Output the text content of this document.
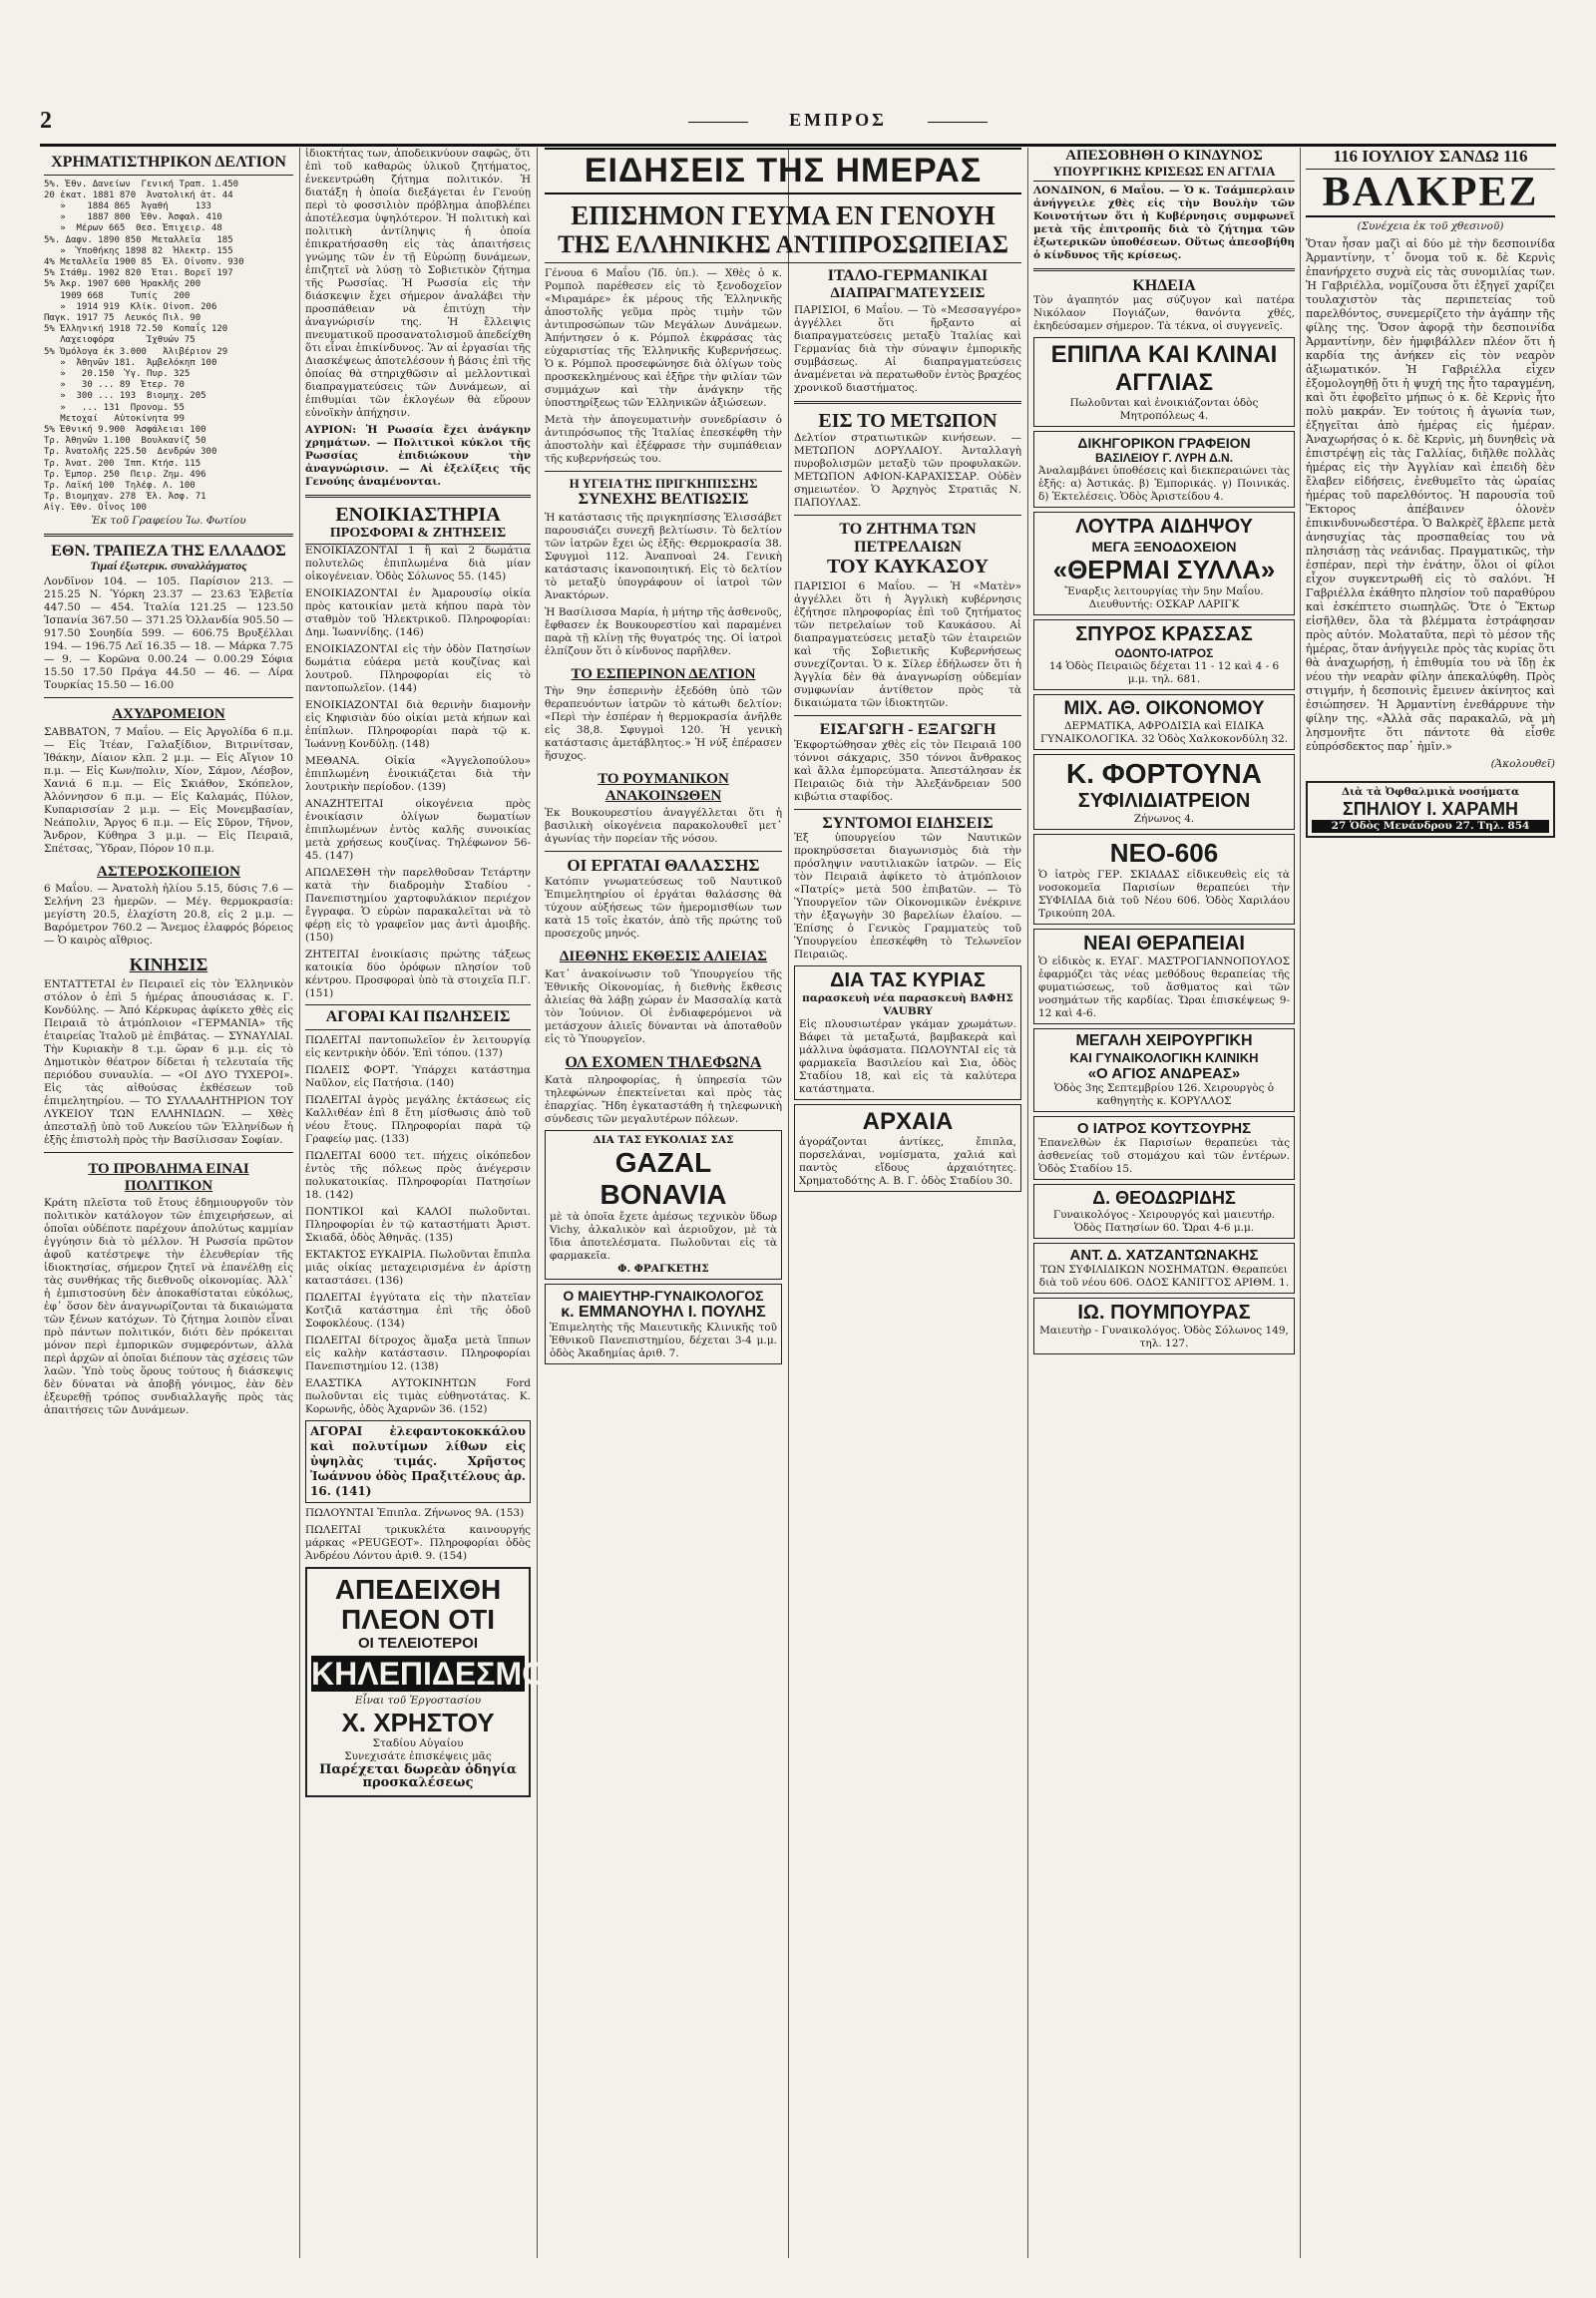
2	ΕΜΠΡΟΣ
ΧΡΗΜΑΤΙΣΤΗΡΙΚΟΝ ΔΕΛΤΙΟΝ
5%. Ἐθν. Δανείων  Γενική Τραπ. 1.450
20 ἑκατ. 1881 870  Ἀνατολική ἀτ. 44
»    1884 865  Ἀγαθή     133
»    1887 800  Ἐθν. Ἀσφαλ. 410
»  Μέρων 665  Θεσ. Ἐπιχειρ. 48
5%. Δαφν. 1890 850  Μεταλλεῖα   185
»  Ὑποθήκης 1898 82  Ἠλεκτρ. 155
4% Μεταλλεῖα 1900 85  Ἐλ. Οἰνοπν. 930
5% Στάθμ. 1902 820  Ἐται. Βορεῖ 197
5% Ἀκρ. 1907 600  Ἠρακλῆς 200
1909 668     Τυπίς   200
»  1914 919  Κλίκ. Οἰνοπ. 206
Παγκ. 1917 75  Λευκός Πιλ. 90
5% Ἑλληνική 1918 72.50  Κοπαΐς 120
Λαχειοφόρα      Ἰχθυών 75
5% Ὁμόλογα ἐκ 3.000   Ἀλιβέριον 29
»  Ἀθηνῶν 181.  Ἀμβελόκηπ 100
»   20.150  Ὑγ. Πυρ. 325
»   30 ... 89  Ἐτερ. 70
»  300 ... 193  Βιομηχ. 205
»   ... 131  Προνομ. 55
Μετοχαί   Αὐτοκίνητα 99
5% Ἐθνική 9.900  Ἀσφάλειαι 100
Τρ. Ἀθηνῶν 1.100  Βουλκανίζ 50
Τρ. Ἀνατολῆς 225.50  Δενδρών 300
Τρ. Ἀνατ. 200  Ἱππ. Κτήσ. 115
Τρ. Ἐμπορ. 250  Πειρ. Ζημ. 496
Τρ. Λαϊκή 100  Τηλέφ. Λ. 100
Τρ. Βιομηχαν. 278  Ἐλ. Ἀσφ. 71
Αἰγ. Ἐθν. Οἶνος 100
Ἐκ τοῦ Γραφείου Ἰω. Φωτίου
ΕΘΝ. ΤΡΑΠΕΖΑ ΤΗΣ ΕΛΛΑΔΟΣ
Τιμαί ἐξωτερικ. συναλλάγματος

Λονδῖνον 104. — 105. Παρίσιον 213. — 215.25 Ν. Ὑόρκη 23.37 — 23.63 Ἐλβετία 447.50 — 454. Ἰταλία 121.25 — 123.50 Ἰσπανία 367.50 — 371.25 Ὁλλανδία 905.50 — 917.50 Σουηδία 599. — 606.75 Βρυξέλλαι 194. — 196.75 Λεϊ 16.35 — 18. — Μάρκα 7.75 — 9. — Κορῶνα 0.00.24 — 0.00.29 Σόφια 15.50 17.50 Πράγα 44.50 — 46. — Λίρα Τουρκίας 15.50 — 16.00

ΑΧΥΔΡΟΜΕΙΟΝ

ΣΑΒΒΑΤΟΝ, 7 Μαΐου. — Εἰς Ἀργολίδα 6 π.μ. — Εἰς Ἰτέαν, Γαλαξίδιον, Βιτρινίτσαν, Ἰθάκην, Δίαιον κλπ. 2 μ.μ. — Εἰς Αἴγιον 10 π.μ. — Εἰς Κων/πολιν, Χίον, Σάμον, Λέσβον, Χανιά 6 π.μ. — Εἰς Σκιάθον, Σκόπελον, Ἀλόννησον 6 π.μ. — Εἰς Καλαμάς, Πύλον, Κυπαρισσίαν 2 μ.μ. — Εἰς Μονεμβασίαν, Νεάπολιν, Ἄργος 6 π.μ. — Εἰς Σῦρον, Τῆνον, Ἄνδρον, Κύθηρα 3 μ.μ. — Εἰς Πειραιᾶ, Σπέτσας, Ὕδραν, Πόρον 10 π.μ.

ΑΣΤΕΡΟΣΚΟΠΕΙΟΝ

6 Μαΐου. — Ἀνατολὴ ἡλίου 5.15, δύσις 7.6 — Σελήνη 23 ἡμερῶν. — Μέγ. θερμοκρασία: μεγίστη 20.5, ἐλαχίστη 20.8, εἰς 2 μ.μ. — Βαρόμετρον 760.2 — Ἄνεμος ἐλαφρός βόρειος — Ὁ καιρὸς αἴθριος.

ΚΙΝΗΣΙΣ

ΕΝΤΑΤΤΕΤΑΙ ἐν Πειραιεῖ εἰς τὸν Ἑλληνικὸν στόλον ὁ ἐπὶ 5 ἡμέρας ἀπουσιάσας κ. Γ. Κονδύλης. — Ἀπό Κέρκυρας ἀφίκετο χθὲς εἰς Πειραιᾶ τὸ ἀτμόπλοιον «ΓΕΡΜΑΝΙΑ» τῆς ἑταιρείας Ἰταλοῦ μὲ ἐπιβάτας. — ΣΥΝΑΥΛΙΑΙ. Τὴν Κυριακὴν 8 τ.μ. ὥραν 6 μ.μ. εἰς τὸ Δημοτικὸν θέατρον δίδεται ἡ τελευταία τῆς περιόδου συναυλία. — «ΟΙ ΔΥΟ ΤΥΧΕΡΟΙ». Εἰς τὰς αἰθούσας ἐκθέσεων τοῦ ἐπιμελητηρίου. — ΤΟ ΣΥΛΛΑΛΗΤΗΡΙΟΝ ΤΟΥ ΛΥΚΕΙΟΥ ΤΩΝ ΕΛΛΗΝΙΔΩΝ. — Χθὲς ἀπεσταλῇ ὑπὸ τοῦ Λυκείου τῶν Ἑλληνίδων ἡ ἑξῆς ἐπιστολὴ πρὸς τὴν Βασίλισσαν Σοφίαν.

ΤΟ ΠΡΟΒΛΗΜΑ ΕΙΝΑΙ ΠΟΛΙΤΙΚΟΝ

Κράτη πλεῖστα τοῦ ἔτους ἐδημιουργοῦν τὸν πολιτικὸν κατάλογον τῶν ἐπιχειρήσεων, αἱ ὁποῖαι οὐδέποτε παρέχουν ἀπολύτως καμμίαν ἐγγύησιν διὰ τὸ μέλλον. Ἡ Ρωσσία πρῶτον ἀφοῦ κατέστρεψε τὴν ἐλευθερίαν τῆς ἰδιοκτησίας, σήμερον ζητεῖ νὰ ἐπανέλθῃ εἰς τὰς συνθήκας τῆς διεθνοῦς οἰκονομίας. Ἀλλ᾿ ἡ ἐμπιστοσύνη δὲν ἀποκαθίσταται εὐκόλως, ἐφ᾿ ὅσον δὲν ἀναγνωρίζονται τὰ δικαιώματα τῶν ξένων κατόχων. Τὸ ζήτημα λοιπὸν εἶναι πρὸ πάντων πολιτικόν, διότι δὲν πρόκειται μόνον περὶ ἐμπορικῶν συμφερόντων, ἀλλὰ περὶ ἀρχῶν αἱ ὁποῖαι διέπουν τὰς σχέσεις τῶν λαῶν. Ὑπὸ τοὺς ὅρους τούτους ἡ διάσκεψις δὲν δύναται νὰ ἀποβῇ γόνιμος, ἐὰν δὲν ἐξευρεθῇ τρόπος συνδιαλλαγῆς πρὸς τὰς ἀπαιτήσεις τῶν Δυνάμεων.

ἰδιοκτήτας των, ἀποδεικνύουν σαφῶς, ὅτι ἐπὶ τοῦ καθαρῶς ὑλικοῦ ζητήματος, ἐνεκεντρώθη ζήτημα πολιτικόν. Ἡ διατάξη ἡ ὁποία διεξάγεται ἐν Γενούῃ περὶ τὸ φοσσιλιὸν πρόβλημα ἀποβλέπει ἀποτέλεσμα ὑψηλότερον. Ἡ πολιτικὴ καὶ πολιτικὴ ἀντίληψις ἡ ὁποία ἐπικρατήσασθη εἰς τὰς ἀπαιτήσεις γνώμης τῶν ἐν τῇ Εὐρώπῃ δυνάμεων, ἐπιζητεῖ νὰ λύσῃ τὸ Σοβιετικὸν ζήτημα τῆς Ρωσσίας. Ἡ Ρωσσία εἰς τὴν διάσκεψιν ἔχει σήμερον ἀναλάβει τὴν προσπάθειαν νὰ ἐπιτύχῃ τὴν ἀναγνώρισίν της. Ἡ ἔλλειψις πνευματικοῦ προσανατολισμοῦ ἀπεδείχθη ὅτι εἶναι ἐπικίνδυνος. Ἂν αἱ ἐργασίαι τῆς Διασκέψεως ἀποτελέσουν ἡ βάσις ἐπὶ τῆς ὁποίας θὰ στηριχθῶσιν αἱ μελλοντικαὶ διαπραγματεύσεις τῶν Δυνάμεων, αἱ ἐπιθυμίαι τῶν ἐκλογέων θὰ εὕρουν εὐνοϊκὴν ἀπήχησιν.

ΑΥΡΙΟΝ: Ἡ Ρωσσία ἔχει ἀνάγκην χρημάτων. — Πολιτικοὶ κύκλοι τῆς Ρωσσίας ἐπιδιώκουν τὴν ἀναγνώρισιν. — Αἱ ἐξελίξεις τῆς Γενούης ἀναμένονται.

ΕΝΟΙΚΙΑΣΤΗΡΙΑ
ΠΡΟΣΦΟΡΑΙ & ΖΗΤΗΣΕΙΣ

ΕΝΟΙΚΙΑΖΟΝΤΑΙ 1 ἢ καὶ 2 δωμάτια πολυτελῶς ἐπιπλωμένα διὰ μίαν οἰκογένειαν. Ὁδὸς Σόλωνος 55. (145)

ΕΝΟΙΚΙΑΖΟΝΤΑΙ ἐν Ἀμαρουσίῳ οἰκία πρὸς κατοικίαν μετὰ κήπου παρὰ τὸν σταθμὸν τοῦ Ἡλεκτρικοῦ. Πληροφορίαι: Δημ. Ἰωαννίδης. (146)

ΕΝΟΙΚΙΑΖΟΝΤΑΙ εἰς τὴν ὁδὸν Πατησίων δωμάτια εὐάερα μετὰ κουζίνας καὶ λουτροῦ. Πληροφορίαι εἰς τὸ παντοπωλεῖον. (144)

ΕΝΟΙΚΙΑΖΟΝΤΑΙ διὰ θερινὴν διαμονὴν εἰς Κηφισιὰν δύο οἰκίαι μετὰ κήπων καὶ ἐπίπλων. Πληροφορίαι παρὰ τῷ κ. Ἰωάννῃ Κονδύλῃ. (148)

ΜΕΘΑΝΑ. Οἰκία «Ἀγγελοπούλου» ἐπιπλωμένη ἐνοικιάζεται διὰ τὴν λουτρικὴν περίοδον. (139)

ΑΝΑΖΗΤΕΙΤΑΙ οἰκογένεια πρὸς ἐνοικίασιν ὀλίγων δωματίων ἐπιπλωμένων ἐντὸς καλῆς συνοικίας μετὰ χρήσεως κουζίνας. Τηλέφωνον 56-45. (147)

ΑΠΩΛΕΣΘΗ τὴν παρελθοῦσαν Τετάρτην κατὰ τὴν διαδρομὴν Σταδίου - Πανεπιστημίου χαρτοφυλάκιον περιέχον ἔγγραφα. Ὁ εὑρὼν παρακαλεῖται νὰ τὸ φέρῃ εἰς τὸ γραφεῖον μας ἀντὶ ἀμοιβῆς. (150)

ΖΗΤΕΙΤΑΙ ἐνοικίασις πρώτης τάξεως κατοικία δύο ὀρόφων πλησίον τοῦ κέντρου. Προσφοραὶ ὑπὸ τὰ στοιχεῖα Π.Γ. (151)

ΑΓΟΡΑΙ ΚΑΙ ΠΩΛΗΣΕΙΣ

ΠΩΛΕΙΤΑΙ παντοπωλεῖον ἐν λειτουργίᾳ εἰς κεντρικὴν ὁδόν. Ἐπὶ τόπου. (137)

ΠΩΛΕΙΣ ΦΟΡΤ. Ὑπάρχει κατάστημα Ναῦλον, εἰς Πατήσια. (140)

ΠΩΛΕΙΤΑΙ ἀγρὸς μεγάλης ἐκτάσεως εἰς Καλλιθέαν ἐπὶ 8 ἔτη μίσθωσις ἀπὸ τοῦ νέου ἔτους. Πληροφορίαι παρὰ τῷ Γραφείῳ μας. (133)

ΠΩΛΕΙΤΑΙ 6000 τετ. πήχεις οἰκόπεδον ἐντὸς τῆς πόλεως πρὸς ἀνέγερσιν πολυκατοικίας. Πληροφορίαι Πατησίων 18. (142)

ΠΟΝΤΙΚΟΙ καὶ ΚΑΛΟΙ πωλοῦνται. Πληροφορίαι ἐν τῷ καταστήματι Ἀριστ. Σκιαδᾶ, ὁδὸς Ἀθηνᾶς. (135)

ΕΚΤΑΚΤΟΣ ΕΥΚΑΙΡΙΑ. Πωλοῦνται ἔπιπλα μιᾶς οἰκίας μεταχειρισμένα ἐν ἀρίστῃ καταστάσει. (136)

ΠΩΛΕΙΤΑΙ ἐγγύτατα εἰς τὴν πλατεῖαν Κοτζιᾶ κατάστημα ἐπὶ τῆς ὁδοῦ Σοφοκλέους. (134)

ΠΩΛΕΙΤΑΙ δίτροχος ἅμαξα μετὰ ἵππων εἰς καλὴν κατάστασιν. Πληροφορίαι Πανεπιστημίου 12. (138)

ΕΛΑΣΤΙΚΑ ΑΥΤΟΚΙΝΗΤΩΝ Ford πωλοῦνται εἰς τιμὰς εὐθηνοτάτας. Κ. Κορωνῆς, ὁδὸς Ἀχαρνῶν 36. (152)

ΑΓΟΡΑΙ ἐλεφαντοκοκκάλου καὶ πολυτίμων λίθων εἰς ὑψηλὰς τιμάς. Χρῆστος Ἰωάννου ὁδὸς Πραξιτέλους ἀρ. 16. (141)

ΠΩΛΟΥΝΤΑΙ Ἐπιπλα. Ζήνωνος 9Α. (153)

ΠΩΛΕΙΤΑΙ τρικυκλέτα καινουργής μάρκας «PEUGEOT». Πληροφορίαι ὁδὸς Ἀνδρέου Λόντου ἀριθ. 9. (154)

ΑΠΕΔΕΙΧΘΗ
ΠΛΕΟΝ ΟΤΙ
ΟΙ ΤΕΛΕΙΟΤΕΡΟΙ
ΚΗΛΕΠΙΔΕΣΜΟΙ
Εἶναι τοῦ Ἐργοστασίου
Χ. ΧΡΗΣΤΟΥ
Σταδίου Αὐγαίου
Συνεχισάτε ἐπισκέψεις μᾶς
Παρέχεται δωρεὰν ὁδηγία
προσκαλέσεως
ΕΙΔΗΣΕΙΣ ΤΗΣ ΗΜΕΡΑΣ
ΕΠΙΣΗΜΟΝ ΓΕΥΜΑ ΕΝ ΓΕΝΟΥΗ
ΤΗΣ ΕΛΛΗΝΙΚΗΣ ΑΝΤΙΠΡΟΣΩΠΕΙΑΣ

Γένουα 6 Μαΐου (Ἰδ. ὑπ.). — Χθὲς ὁ κ. Ρομπολ παρέθεσεν εἰς τὸ ξενοδοχεῖον «Μιραμάρε» ἐκ μέρους τῆς Ἑλληνικῆς ἀποστολῆς γεῦμα πρὸς τιμὴν τῶν ἀντιπροσώπων τῶν Μεγάλων Δυνάμεων. Ἀπήντησεν ὁ κ. Ρόμπολ ἐκφράσας τὰς εὐχαριστίας τῆς Ἑλληνικῆς Κυβερνήσεως. Ὁ κ. Ρόμπολ προσεφώνησε διὰ ὀλίγων τοὺς προσκεκλημένους καὶ ἐξῆρε τὴν φιλίαν τῶν συμμάχων καὶ τὴν ἀνάγκην τῆς ὑποστηρίξεως τῶν Ἑλληνικῶν ἀξιώσεων.

Μετὰ τὴν ἀπογευματινὴν συνεδρίασιν ὁ ἀντιπρόσωπος τῆς Ἰταλίας ἐπεσκέφθη τὴν ἀποστολὴν καὶ ἐξέφρασε τὴν συμπάθειαν τῆς κυβερνήσεώς του.

Η ΥΓΕΙΑ ΤΗΣ ΠΡΙΓΚΗΠΙΣΣΗΣ
ΣΥΝΕΧΗΣ ΒΕΛΤΙΩΣΙΣ

Ἡ κατάστασις τῆς πριγκηπίσσης Ἐλισσάβετ παρουσιάζει συνεχῆ βελτίωσιν. Τὸ δελτίον τῶν ἰατρῶν ἔχει ὡς ἑξῆς: Θερμοκρασία 38. Σφυγμοὶ 112. Ἀναπνοαὶ 24. Γενικὴ κατάστασις ἱκανοποιητική. Εἰς τὸ δελτίον τὸ μεταξὺ ὑπογράφουν οἱ ἰατροὶ τῶν Ἀνακτόρων.

Ἡ Βασίλισσα Μαρία, ἡ μήτηρ τῆς ἀσθενοῦς, ἔφθασεν ἐκ Βουκουρεστίου καὶ παραμένει παρὰ τῇ κλίνῃ τῆς θυγατρός της. Οἱ ἰατροὶ ἐλπίζουν ὅτι ὁ κίνδυνος παρῆλθεν.

ΤΟ ΕΣΠΕΡΙΝΟΝ ΔΕΛΤΙΟΝ

Τὴν 9ην ἑσπερινὴν ἐξεδόθη ὑπὸ τῶν θεραπευόντων ἰατρῶν τὸ κάτωθι δελτίον: «Περὶ τὴν ἐσπέραν ἡ θερμοκρασία ἀνῆλθε εἰς 38,8. Σφυγμοὶ 120. Ἡ γενικὴ κατάστασις ἀμετάβλητος.» Ἡ νύξ ἐπέρασεν ἥσυχος.

ΤΟ ΡΟΥΜΑΝΙΚΟΝ ΑΝΑΚΟΙΝΩΘΕΝ

Ἐκ Βουκουρεστίου ἀναγγέλλεται ὅτι ἡ βασιλικὴ οἰκογένεια παρακολουθεῖ μετ᾿ ἀγωνίας τὴν πορείαν τῆς νόσου.

ΟΙ ΕΡΓΑΤΑΙ ΘΑΛΑΣΣΗΣ

Κατόπιν γνωματεύσεως τοῦ Ναυτικοῦ Ἐπιμελητηρίου οἱ ἐργάται θαλάσσης θὰ τύχουν αὐξήσεως τῶν ἡμερομισθίων των κατὰ 15 τοῖς ἑκατόν, ἀπὸ τῆς πρώτης τοῦ προσεχοῦς μηνός.

ΔΙΕΘΝΗΣ ΕΚΘΕΣΙΣ ΑΛΙΕΙΑΣ

Κατ᾿ ἀνακοίνωσιν τοῦ Ὑπουργείου τῆς Ἐθνικῆς Οἰκονομίας, ἡ διεθνὴς ἔκθεσις ἁλιείας θὰ λάβῃ χώραν ἐν Μασσαλίᾳ κατὰ τὸν Ἰούνιον. Οἱ ἐνδιαφερόμενοι νὰ μετάσχουν ἁλιεῖς δύνανται νὰ ἀποταθοῦν εἰς τὸ Ὑπουργεῖον.

ΟΛ ΕΧΟΜΕΝ ΤΗΛΕΦΩΝΑ

Κατὰ πληροφορίας, ἡ ὑπηρεσία τῶν τηλεφώνων ἐπεκτείνεται καὶ πρὸς τὰς ἐπαρχίας. Ἤδη ἐγκαταστάθη ἡ τηλεφωνικὴ σύνδεσις τῶν μεγαλυτέρων πόλεων.

ΔΙΑ ΤΑΣ ΕΥΚΟΛΙΑΣ ΣΑΣ
GAZAL BONAVIA

μὲ τὰ ὁποῖα ἔχετε ἀμέσως τεχνικὸν ὕδωρ Vichy, ἀλκαλικὸν καὶ ἀεριοῦχον, μὲ τὰ ἴδια ἀποτελέσματα. Πωλοῦνται εἰς τὰ φαρμακεῖα.

Φ. ΦΡΑΓΚΕΤΗΣ
Ο ΜΑΙΕΥΤΗΡ-ΓΥΝΑΙΚΟΛΟΓΟΣ
κ. ΕΜΜΑΝΟΥΗΛ Ι. ΠΟΥΛΗΣ

Ἐπιμελητὴς τῆς Μαιευτικῆς Κλινικῆς τοῦ Ἐθνικοῦ Πανεπιστημίου, δέχεται 3-4 μ.μ. ὁδὸς Ἀκαδημίας ἀριθ. 7.

ΙΤΑΛΟ-ΓΕΡΜΑΝΙΚΑΙ
ΔΙΑΠΡΑΓΜΑΤΕΥΣΕΙΣ

ΠΑΡΙΣΙΟΙ, 6 Μαΐου. — Τὸ «Μεσσαγγέρο» ἀγγέλλει ὅτι ἤρξαντο αἱ διαπραγματεύσεις μεταξὺ Ἰταλίας καὶ Γερμανίας διὰ τὴν σύναψιν ἐμπορικῆς συμβάσεως. Αἱ διαπραγματεύσεις ἀναμένεται νὰ περατωθοῦν ἐντὸς βραχέος χρονικοῦ διαστήματος.

ΕΙΣ ΤΟ ΜΕΤΩΠΟΝ

Δελτίον στρατιωτικῶν κινήσεων. — ΜΕΤΩΠΟΝ ΔΟΡΥΛΑΙΟΥ. Ἀνταλλαγὴ πυροβολισμῶν μεταξὺ τῶν προφυλακῶν. ΜΕΤΩΠΟΝ ΑΦΙΟΝ-ΚΑΡΑΧΙΣΣΑΡ. Οὐδὲν σημειωτέον. Ὁ Ἀρχηγὸς Στρατιᾶς Ν. ΠΑΠΟΥΛΑΣ.

ΤΟ ΖΗΤΗΜΑ ΤΩΝ ΠΕΤΡΕΛΑΙΩΝ
ΤΟΥ ΚΑΥΚΑΣΟΥ

ΠΑΡΙΣΙΟΙ 6 Μαΐου. — Ἡ «Ματὲν» ἀγγέλλει ὅτι ἡ Ἀγγλικὴ κυβέρνησις ἐζήτησε πληροφορίας ἐπὶ τοῦ ζητήματος τῶν πετρελαίων τοῦ Καυκάσου. Αἱ διαπραγματεύσεις μεταξὺ τῶν ἑταιρειῶν καὶ τῆς Σοβιετικῆς Κυβερνήσεως συνεχίζονται. Ὁ κ. Σίλερ ἐδήλωσεν ὅτι ἡ Ἀγγλία δὲν θὰ ἀναγνωρίσῃ οὐδεμίαν συμφωνίαν ἀντίθετον πρὸς τὰ δικαιώματα τῶν ἰδιοκτητῶν.

ΕΙΣΑΓΩΓΗ - ΕΞΑΓΩΓΗ

Ἐκφορτώθησαν χθὲς εἰς τὸν Πειραιᾶ 100 τόννοι σάκχαρις, 350 τόννοι ἄνθρακος καὶ ἄλλα ἐμπορεύματα. Ἀπεστάλησαν ἐκ Πειραιῶς διὰ τὴν Ἀλεξάνδρειαν 500 κιβώτια σταφίδος.

ΣΥΝΤΟΜΟΙ ΕΙΔΗΣΕΙΣ

Ἐξ ὑπουργείου τῶν Ναυτικῶν προκηρύσσεται διαγωνισμὸς διὰ τὴν πρόσληψιν ναυτιλιακῶν ἰατρῶν. — Εἰς τὸν Πειραιᾶ ἀφίκετο τὸ ἀτμόπλοιον «Πατρίς» μετὰ 500 ἐπιβατῶν. — Τὸ Ὑπουργεῖον τῶν Οἰκονομικῶν ἐνέκρινε τὴν ἐξαγωγὴν 30 βαρελίων ἐλαίου. — Ἐπίσης ὁ Γενικὸς Γραμματεὺς τοῦ Ὑπουργείου ἐπεσκέφθη τὸ Τελωνεῖον Πειραιῶς.

ΔΙΑ ΤΑΣ ΚΥΡΙΑΣ
παρασκευὴ νέα παρασκευὴ ΒΑΦΗΣ VAUBRY

Εἰς πλουσιωτέραν γκάμαν χρωμάτων. Βάφει τὰ μεταξωτά, βαμβακερὰ καὶ μάλλινα ὑφάσματα. ΠΩΛΟΥΝΤΑΙ εἰς τὰ φαρμακεῖα Βασιλείου καὶ Σια, ὁδὸς Σταδίου 18, καὶ εἰς τὰ καλύτερα κατάστηματα.

ΑΡΧΑΙΑ

ἀγοράζονται ἀντίκες, ἔπιπλα, πορσελάναι, νομίσματα, χαλιά καὶ παντὸς εἴδους ἀρχαιότητες. Χρηματοδότης Α. Β. Γ. ὁδὸς Σταδίου 30.

ΑΠΕΣΟΒΗΘΗ Ο ΚΙΝΔΥΝΟΣ
ΥΠΟΥΡΓΙΚΗΣ ΚΡΙΣΕΩΣ ΕΝ ΑΓΓΛΙΑ

ΛΟΝΔΙΝΟΝ, 6 Μαΐου. — Ὁ κ. Τσάμπερλαιν ἀνήγγειλε χθὲς εἰς τὴν Βουλὴν τῶν Κοινοτήτων ὅτι ἡ Κυβέρνησις συμφωνεῖ μετὰ τῆς ἐπιτροπῆς διὰ τὸ ζήτημα τῶν ἐξωτερικῶν ὑποθέσεων. Οὕτως ἀπεσοβήθη ὁ κίνδυνος τῆς κρίσεως.

ΚΗΔΕΙΑ

Τὸν ἀγαπητόν μας σύζυγον καὶ πατέρα Νικόλαον Πογιάζων, θανόντα χθές, ἐκηδεύσαμεν σήμερον. Τὰ τέκνα, οἱ συγγενεῖς.

ΕΠΙΠΛΑ ΚΑΙ ΚΛΙΝΑΙ
ΑΓΓΛΙΑΣ

Πωλοῦνται καὶ ἐνοικιάζονται ὁδὸς Μητροπόλεως 4.

ΔΙΚΗΓΟΡΙΚΟΝ ΓΡΑΦΕΙΟΝ
ΒΑΣΙΛΕΙΟΥ Γ. ΛΥΡΗ Δ.Ν.

Ἀναλαμβάνει ὑποθέσεις καὶ διεκπεραιώνει τὰς ἑξῆς: α) Ἀστικάς. β) Ἐμπορικάς. γ) Ποινικάς. δ) Ἐκτελέσεις. Ὁδὸς Ἀριστείδου 4.

ΛΟΥΤΡΑ ΑΙΔΗΨΟΥ
ΜΕΓΑ ΞΕΝΟΔΟΧΕΙΟΝ
«ΘΕΡΜΑΙ ΣΥΛΛΑ»

Ἔναρξις λειτουργίας τὴν 5ην Μαΐου. Διευθυντής: ΟΣΚΑΡ ΛΑΡΙΓΚ

ΣΠΥΡΟΣ ΚΡΑΣΣΑΣ
ΟΔΟΝΤΟ-ΙΑΤΡΟΣ

14 Ὁδὸς Πειραιῶς δέχεται 11 - 12 καὶ 4 - 6 μ.μ. τηλ. 681.

ΜΙΧ. ΑΘ. ΟΙΚΟΝΟΜΟΥ

ΔΕΡΜΑΤΙΚΑ, ΑΦΡΟΔΙΣΙΑ καὶ ΕΙΔΙΚΑ ΓΥΝΑΙΚΟΛΟΓΙΚΑ. 32 Ὁδὸς Χαλκοκονδύλη 32.

Κ. ΦΟΡΤΟΥΝΑ
ΣΥΦΙΛΙΔΙΑΤΡΕΙΟΝ

Ζήνωνος 4.

ΝΕΟ-606

Ὁ ἰατρὸς ΓΕΡ. ΣΚΙΑΔΑΣ εἰδικευθεὶς εἰς τὰ νοσοκομεῖα Παρισίων θεραπεύει τὴν ΣΥΦΙΛΙΔΑ διὰ τοῦ Νέου 606. Ὁδὸς Χαριλάου Τρικούπη 20Α.

ΝΕΑΙ ΘΕΡΑΠΕΙΑΙ

Ὁ εἰδικὸς κ. ΕΥΑΓ. ΜΑΣΤΡΟΓΙΑΝΝΟΠΟΥΛΟΣ ἐφαρμόζει τὰς νέας μεθόδους θεραπείας τῆς φυματιώσεως, τοῦ ἄσθματος καὶ τῶν νοσημάτων τῆς καρδίας. Ὥραι ἐπισκέψεως 9-12 καὶ 4-6.

ΜΕΓΑΛΗ ΧΕΙΡΟΥΡΓΙΚΗ
ΚΑΙ ΓΥΝΑΙΚΟΛΟΓΙΚΗ ΚΛΙΝΙΚΗ
«Ο ΑΓΙΟΣ ΑΝΔΡΕΑΣ»

Ὁδὸς 3ης Σεπτεμβρίου 126. Χειρουργὸς ὁ καθηγητὴς κ. ΚΟΡΥΛΛΟΣ

Ο ΙΑΤΡΟΣ ΚΟΥΤΣΟΥΡΗΣ

Ἐπανελθὼν ἐκ Παρισίων θεραπεύει τὰς ἀσθενείας τοῦ στομάχου καὶ τῶν ἐντέρων. Ὁδὸς Σταδίου 15.

Δ. ΘΕΟΔΩΡΙΔΗΣ

Γυναικολόγος - Χειρουργός καὶ μαιευτήρ. Ὁδὸς Πατησίων 60. Ὥραι 4-6 μ.μ.

ΑΝΤ. Δ. ΧΑΤΖΑΝΤΩΝΑΚΗΣ

ΤΩΝ ΣΥΦΙΛΙΔΙΚΩΝ ΝΟΣΗΜΑΤΩΝ. Θεραπεύει διὰ τοῦ νέου 606. ΟΔΟΣ ΚΑΝΙΓΓΟΣ ΑΡΙΘΜ. 1.

ΙΩ. ΠΟΥΜΠΟΥΡΑΣ

Μαιευτὴρ - Γυναικολόγος. Ὁδὸς Σόλωνος 149, τηλ. 127.

116 ΙΟΥΛΙΟΥ ΣΑΝΔΩ 116
ΒΑΛΚΡΕΖ
(Συνέχεια ἐκ τοῦ χθεσινοῦ)

Ὅταν ἦσαν μαζὶ αἱ δύο μὲ τὴν δεσποινίδα Ἀρμαντίνην, τ᾿ ὄνομα τοῦ κ. δὲ Κερνὶς ἐπανήρχετο συχνὰ εἰς τὰς συνομιλίας των. Ἡ Γαβριέλλα, νομίζουσα ὅτι ἐξηγεῖ χαρίζει τουλαχιστὸν τὰς περιπετείας τοῦ παρελθόντος, συνεμερίζετο τὴν ἀγάπην τῆς φίλης της. Ὅσον ἀφορᾷ τὴν δεσποινίδα Ἀρμαντίνην, δὲν ἠμφιβάλλεν πλέον ὅτι ἡ καρδία της ἀνήκεν εἰς τὸν νεαρὸν ἀξιωματικόν. Ἡ Γαβριέλλα εἶχεν ἐξομολογηθῇ ὅτι ἡ ψυχή της ἦτο ταραγμένη, καὶ ὅτι ἐφοβεῖτο μήπως ὁ κ. δὲ Κερνὶς ἦτο πολὺ μακράν. Ἐν τούτοις ἡ ἀγωνία των, ἐξηγεῖται ἀπὸ ἡμέρας εἰς ἡμέραν. Ἀναχωρήσας ὁ κ. δὲ Κερνὶς, μὴ δυνηθεὶς νὰ ἐπιστρέψῃ εἰς τὰς Γαλλίας, διῆλθε πολλὰς ἡμέρας εἰς τὴν Ἀγγλίαν καὶ ἐπειδὴ δὲν ἔλαβεν εἰδήσεις, ἐνεθυμεῖτο τὰς ὡραίας ἡμέρας τοῦ παρελθόντος. Ἡ παρουσία τοῦ Ἕκτορος ἀπέβαινεν ὁλονὲν ἐπικινδυνωδεστέρα. Ὁ Βαλκρὲζ ἔβλεπε μετὰ ἀνησυχίας τὰς προσπαθείας του νὰ πλησιάσῃ τὰς νεάνιδας. Πραγματικῶς, τὴν ἑσπέραν, περὶ τὴν ἐνάτην, ὅλοι οἱ φίλοι εἶχον συγκεντρωθῆ εἰς τὸ σαλόνι. Ἡ Γαβριέλλα ἐκάθητο πλησίον τοῦ παραθύρου καὶ ἐσκέπτετο σιωπηλῶς. Ὅτε ὁ Ἕκτωρ εἰσῆλθεν, ὅλα τὰ βλέμματα ἐστράφησαν πρὸς αὐτόν. Μολαταῦτα, περὶ τὸ μέσον τῆς ἡμέρας, ὅταν ἀνήγγειλε πρὸς τὰς κυρίας ὅτι θὰ ἀναχωρήσῃ, ἡ ἐπιθυμία του νὰ ἴδῃ ἐκ νέου τὴν νεαρὰν φίλην ἀπεκαλύφθη. Πρὸς στιγμήν, ἡ δεσποινὶς ἔμεινεν ἀκίνητος καὶ ἐσιώπησεν. Ἡ Ἀρμαντίνη ἐνεθάρρυνε τὴν φίλην της. «Ἀλλὰ σᾶς παρακαλῶ, νὰ μὴ λησμονῆτε ὅτι πάντοτε θὰ εἶσθε εὐπρόσδεκτος παρ᾿ ἡμῖν.»

(Ἀκολουθεῖ)
Διὰ τὰ Ὀφθαλμικὰ νοσήματα
ΣΠΗΛΙΟΥ Ι. ΧΑΡΑΜΗ
27 Ὁδὸς Μενάνδρου 27. Τηλ. 854
